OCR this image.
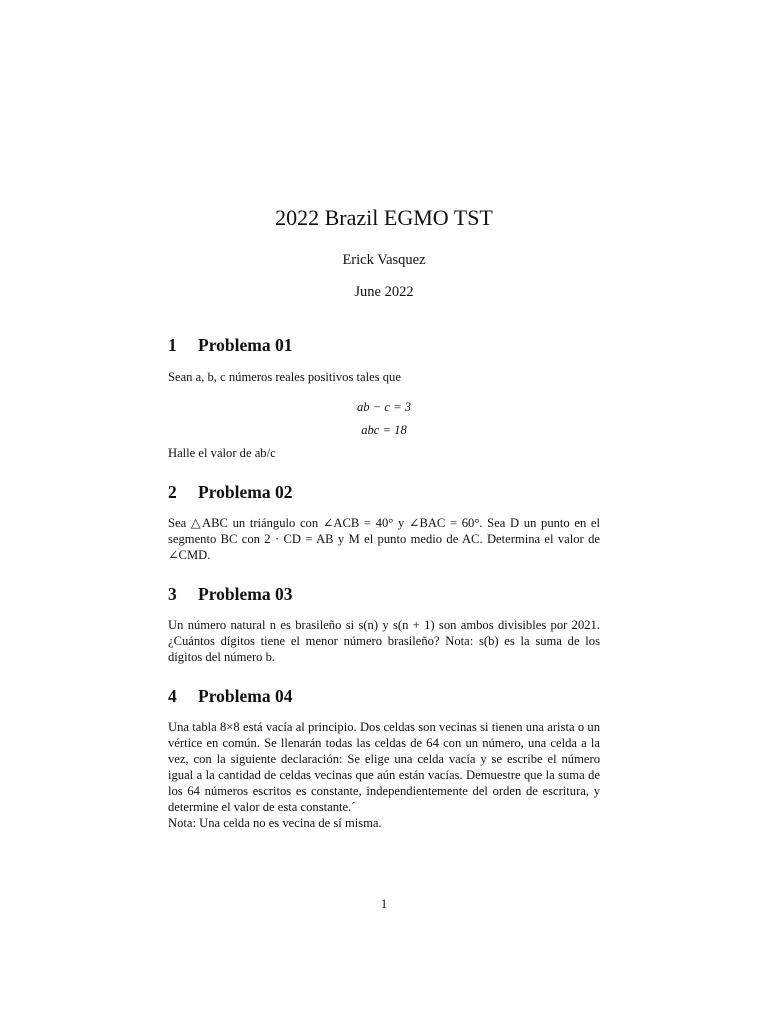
2022 Brazil EGMO TST
Erick Vasquez
June 2022
1 Problema 01

Sean a, b, c números reales positivos tales que

ab − c = 3

abc = 18

Halle el valor de ab/c

2 Problema 02

Sea △ABC un triángulo con ∠ACB = 40° y ∠BAC = 60°. Sea D un punto en el segmento BC con 2 · CD = AB y M el punto medio de AC. Determina el valor de ∠CMD.

3 Problema 03

Un número natural n es brasileño si s(n) y s(n + 1) son ambos divisibles por 2021. ¿Cuántos dígitos tiene el menor número brasileño? Nota: s(b) es la suma de los dígitos del número b.

4 Problema 04

Una tabla 8×8 está vacía al principio. Dos celdas son vecinas si tienen una arista o un vértice en común. Se llenarán todas las celdas de 64 con un número, una celda a la vez, con la siguiente declaración: Se elige una celda vacía y se escribe el número igual a la cantidad de celdas vecinas que aún están vacías. Demuestre que la suma de los 64 números escritos es constante, independientemente del orden de escritura, y determine el valor de esta constante.´

Nota: Una celda no es vecina de sí misma.

1
